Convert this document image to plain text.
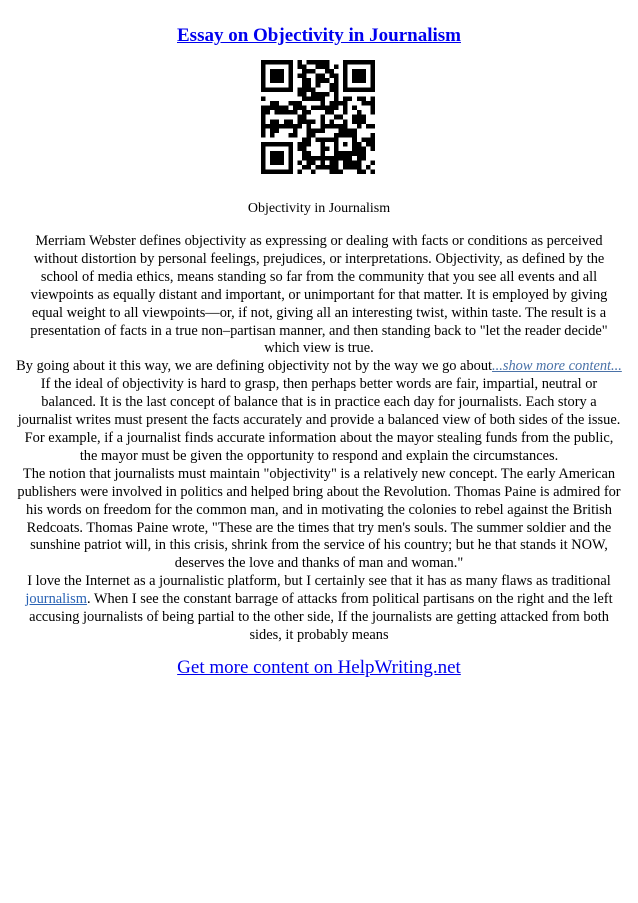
Essay on Objectivity in Journalism
Objectivity in Journalism

Merriam Webster defines objectivity as expressing or dealing with facts or conditions as perceived without distortion by personal feelings, prejudices, or interpretations. Objectivity, as defined by the school of media ethics, means standing so far from the community that you see all events and all viewpoints as equally distant and important, or unimportant for that matter. It is employed by giving equal weight to all viewpoints—or, if not, giving all an interesting twist, within taste. The result is a presentation of facts in a true non–partisan manner, and then standing back to "let the reader decide" which view is true.

By going about it this way, we are defining objectivity not by the way we go about...show more content...

If the ideal of objectivity is hard to grasp, then perhaps better words are fair, impartial, neutral or balanced. It is the last concept of balance that is in practice each day for journalists. Each story a journalist writes must present the facts accurately and provide a balanced view of both sides of the issue. For example, if a journalist finds accurate information about the mayor stealing funds from the public, the mayor must be given the opportunity to respond and explain the circumstances.

The notion that journalists must maintain "objectivity" is a relatively new concept. The early American publishers were involved in politics and helped bring about the Revolution. Thomas Paine is admired for his words on freedom for the common man, and in motivating the colonies to rebel against the British Redcoats. Thomas Paine wrote, "These are the times that try men's souls. The summer soldier and the sunshine patriot will, in this crisis, shrink from the service of his country; but he that stands it NOW, deserves the love and thanks of man and woman."

I love the Internet as a journalistic platform, but I certainly see that it has as many flaws as traditional journalism. When I see the constant barrage of attacks from political partisans on the right and the left accusing journalists of being partial to the other side, If the journalists are getting attacked from both sides, it probably means

Get more content on HelpWriting.net
